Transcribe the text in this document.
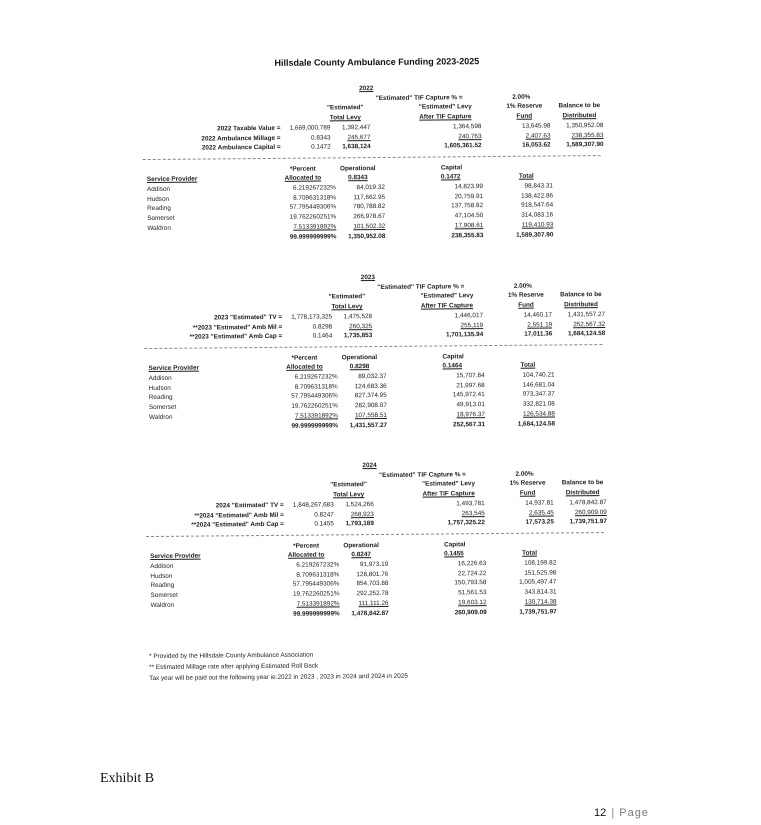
Hillsdale County Ambulance Funding 2023-2025
2022
"Estimated" TIF Capture % =	2.00%
"Estimated"
Total Levy
"Estimated" Levy
After TIF Capture
1% Reserve
Fund
Balance to be
Distributed
2022 Taxable Value =	1,669,000,789	1,392,447	1,364,598	13,645.98	1,350,952.08
2022 Ambulance Millage =	0.8343	245,677	240,763	2,407.63	238,355.83
2022 Ambulance Capital =	0.1472	1,638,124	1,605,361.52	16,053.62	1,589,307.90
*Percent
Allocated to
Operational
0.8343
Capital
0.1472	Total
Service Provider
Addison	6.219267232%	84,019.32	14,823.99	98,843.31
Hudson	8.709631318%	117,662.95	20,759.91	138,422.86
Reading	57.795449306%	780,788.82	137,758.82	918,547.64
Somerset	19.762260251%	266,978.67	47,104.50	314,083.16
Waldron	7.513391892%	101,502.32	17,908.61	119,410.93
99.999999999%	1,350,952.08	238,355.83	1,589,307.90
2023
"Estimated" TIF Capture % =	2.00%
"Estimated"
Total Levy
"Estimated" Levy
After TIF Capture
1% Reserve
Fund
Balance to be
Distributed
2023 "Estimated" TV =	1,778,173,325	1,475,528	1,446,017	14,460.17	1,431,557.27
**2023 "Estimated" Amb Mil =	0.8298	260,325	255,119	2,551.19	252,567.32
**2023 "Estimated" Amb Cap =	0.1464	1,735,853	1,701,135.94	17,011.36	1,684,124.58
*Percent
Allocated to
Operational
0.8298
Capital
0.1464	Total
Service Provider
Addison	6.219267232%	89,032.37	15,707.84	104,740.21
Hudson	8.709631318%	124,683.36	21,997.68	146,681.04
Reading	57.795449306%	827,374.95	145,972.41	973,347.37
Somerset	19.762260251%	282,908.07	49,913.01	332,821.08
Waldron	7.513391892%	107,558.51	18,976.37	126,534.88
99.999999999%	1,431,557.27	252,567.31	1,684,124.58
2024
"Estimated" TIF Capture % =	2.00%
"Estimated"
Total Levy
"Estimated" Levy
After TIF Capture
1% Reserve
Fund
Balance to be
Distributed
2024 "Estimated" TV =	1,848,267,683	1,524,266	1,493,781	14,937.81	1,478,842.87
**2024 "Estimated" Amb Mil =	0.8247	268,923	263,545	2,635.45	260,909.09
**2024 "Estimated" Amb Cap =	0.1455	1,793,189	1,757,325.22	17,573.25	1,739,751.97
*Percent
Allocated to
Operational
0.8247
Capital
0.1455	Total
Service Provider
Addison	6.219267232%	91,973.19	16,226.63	108,199.82
Hudson	8.709631318%	128,801.76	22,724.22	151,525.98
Reading	57.795449306%	854,703.88	150,793.58	1,005,497.47
Somerset	19.762260251%	292,252.78	51,561.53	343,814.31
Waldron	7.513391892%	111,111.26	19,603.12	130,714.38
99.999999999%	1,478,842.87	260,909.09	1,739,751.97
* Provided by the Hillsdale County Ambulance Association
** Estimated Millage rate after applying Estimated Roll Back
Tax year will be paid out the following year ie:2022 in 2023 , 2023 in 2024 and 2024 in 2025
Exhibit B
12 | Page
